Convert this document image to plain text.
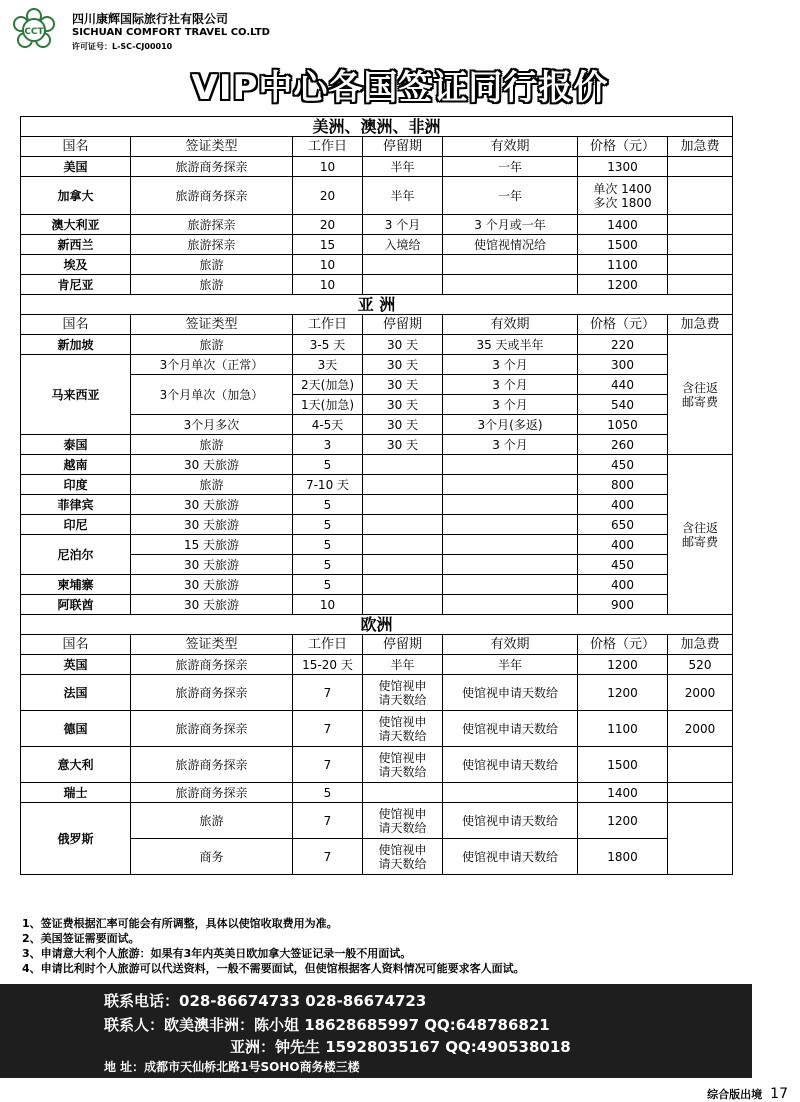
CCT
四川康辉国际旅行社有限公司
SICHUAN COMFORT TRAVEL CO.LTD
许可证号：L-SC-CJ00010
VIP中心各国签证同行报价
美洲、澳洲、非洲						
国名	签证类型	工作日	停留期	有效期	价格（元）	加急费
美国	旅游商务探亲	10	半年	一年	1300	
加拿大	旅游商务探亲	20	半年	一年	单次 1400
多次 1800	

澳大利亚	旅游探亲	20	3 个月	3 个月或一年	1400	
新西兰	旅游探亲	15	入境给	使馆视情况给	1500	
埃及	旅游	10			1100	
肯尼亚	旅游	10			1200	
亚 洲						
国名	签证类型	工作日	停留期	有效期	价格（元）	加急费
新加坡	旅游	3-5 天	30 天	35 天或半年	220	含往返
邮寄费

马来西亚	3个月单次（正常）	3天	30 天	3 个月	300	
	3个月单次（加急）	2天(加急)	30 天	3 个月	440	
		1天(加急)	30 天	3 个月	540	
	3个月多次	4-5天	30 天	3个月(多返)	1050	
泰国	旅游	3	30 天	3 个月	260	
越南	30 天旅游	5			450	含往返
邮寄费

印度	旅游	7-10 天			800	
菲律宾	30 天旅游	5			400	
印尼	30 天旅游	5			650	
尼泊尔	15 天旅游	5			400	
	30 天旅游	5			450	
柬埔寨	30 天旅游	5			400	
阿联酋	30 天旅游	10			900	
欧洲						
国名	签证类型	工作日	停留期	有效期	价格（元）	加急费
英国	旅游商务探亲	15-20 天	半年	半年	1200	520
法国	旅游商务探亲	7	使馆视申
请天数给	使馆视申请天数给	1200	2000
德国	旅游商务探亲	7	使馆视申
请天数给	使馆视申请天数给	1100	2000
意大利	旅游商务探亲	7	使馆视申
请天数给	使馆视申请天数给	1500	
瑞士	旅游商务探亲	5			1400	
俄罗斯	旅游	7	使馆视申
请天数给	使馆视申请天数给	1200	
	商务	7	使馆视申
请天数给	使馆视申请天数给	1800	
1、签证费根据汇率可能会有所调整，具体以使馆收取费用为准。
2、美国签证需要面试。
3、申请意大利个人旅游：如果有3年内英美日欧加拿大签证记录一般不用面试。
4、申请比利时个人旅游可以代送资料，一般不需要面试，但使馆根据客人资料情况可能要求客人面试。
联系电话：028-86674733 028-86674723
联系人：欧美澳非洲：陈小姐 18628685997 QQ:648786821
亚洲：钟先生 15928035167 QQ:490538018
地 址：成都市天仙桥北路1号SOHO商务楼三楼
综合版出境 17
